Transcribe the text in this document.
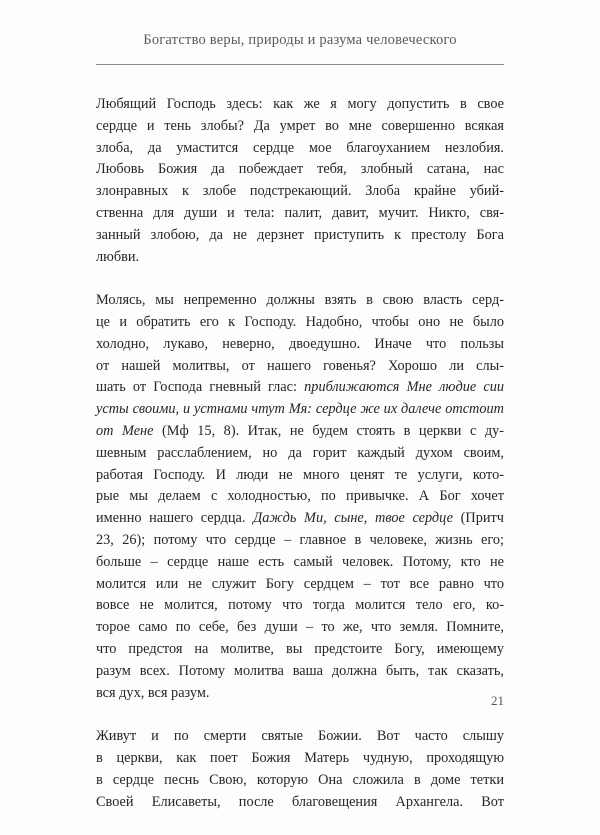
Богатство веры, природы и разума человеческого
Любящий Господь здесь: как же я могу допустить в свое
сердце и тень злобы? Да умрет во мне совершенно всякая
злоба, да умастится сердце мое благоуханием незлобия.
Любовь Божия да побеждает тебя, злобный сатана, нас
злонравных к злобе подстрекающий. Злоба крайне убий-
ственна для души и тела: палит, давит, мучит. Никто, свя-
занный злобою, да не дерзнет приступить к престолу Бога
любви.
Молясь, мы непременно должны взять в свою власть серд-
це и обратить его к Господу. Надобно, чтобы оно не было
холодно, лукаво, неверно, двоедушно. Иначе что пользы
от нашей молитвы, от нашего говенья? Хорошо ли слы-
шать от Господа гневный глас: приближаются Мне людие сии
усты своими, и устнами чтут Мя: сердце же их далече отстоит
от Мене (Мф 15, 8). Итак, не будем стоять в церкви с ду-
шевным расслаблением, но да горит каждый духом своим,
работая Господу. И люди не много ценят те услуги, кото-
рые мы делаем с холодностью, по привычке. А Бог хочет
именно нашего сердца. Даждь Ми, сыне, твое сердце (Притч
23, 26); потому что сердце – главное в человеке, жизнь его;
больше – сердце наше есть самый человек. Потому, кто не
молится или не служит Богу сердцем – тот все равно что
вовсе не молится, потому что тогда молится тело его, ко-
торое само по себе, без души – то же, что земля. Помните,
что предстоя на молитве, вы предстоите Богу, имеющему
разум всех. Потому молитва ваша должна быть, так сказать,
вся дух, вся разум.
Живут и по смерти святые Божии. Вот часто слышу
в церкви, как поет Божия Матерь чудную, проходящую
в сердце песнь Свою, которую Она сложила в доме тетки
Своей Елисаветы, после благовещения Архангела. Вот
21
